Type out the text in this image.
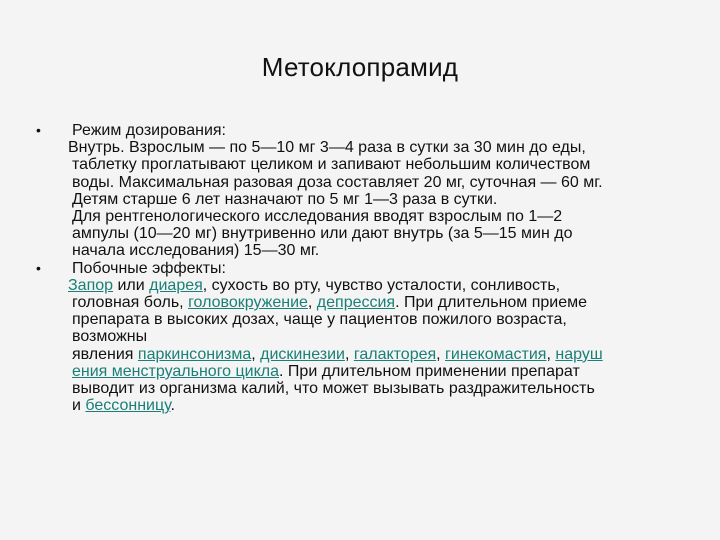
Метоклопрамид
•	Режим дозирования:
Внутрь. Взрослым — по 5—10 мг 3—4 раза в сутки за 30 мин до еды,
таблетку проглатывают целиком и запивают небольшим количеством
воды. Максимальная разовая доза составляет 20 мг, суточная — 60 мг.
Детям старше 6 лет назначают по 5 мг 1—3 раза в сутки.
Для рентгенологического исследования вводят взрослым по 1—2
ампулы (10—20 мг) внутривенно или дают внутрь (за 5—15 мин до
начала исследования) 15—30 мг.
•	Побочные эффекты:
Запор или диарея, сухость во рту, чувство усталости, сонливость,
головная боль, головокружение, депрессия. При длительном приеме
препарата в высоких дозах, чаще у пациентов пожилого возраста,
возможны
явления паркинсонизма, дискинезии, галакторея, гинекомастия, наруш
ения менструального цикла. При длительном применении препарат
выводит из организма калий, что может вызывать раздражительность
и бессонницу.
